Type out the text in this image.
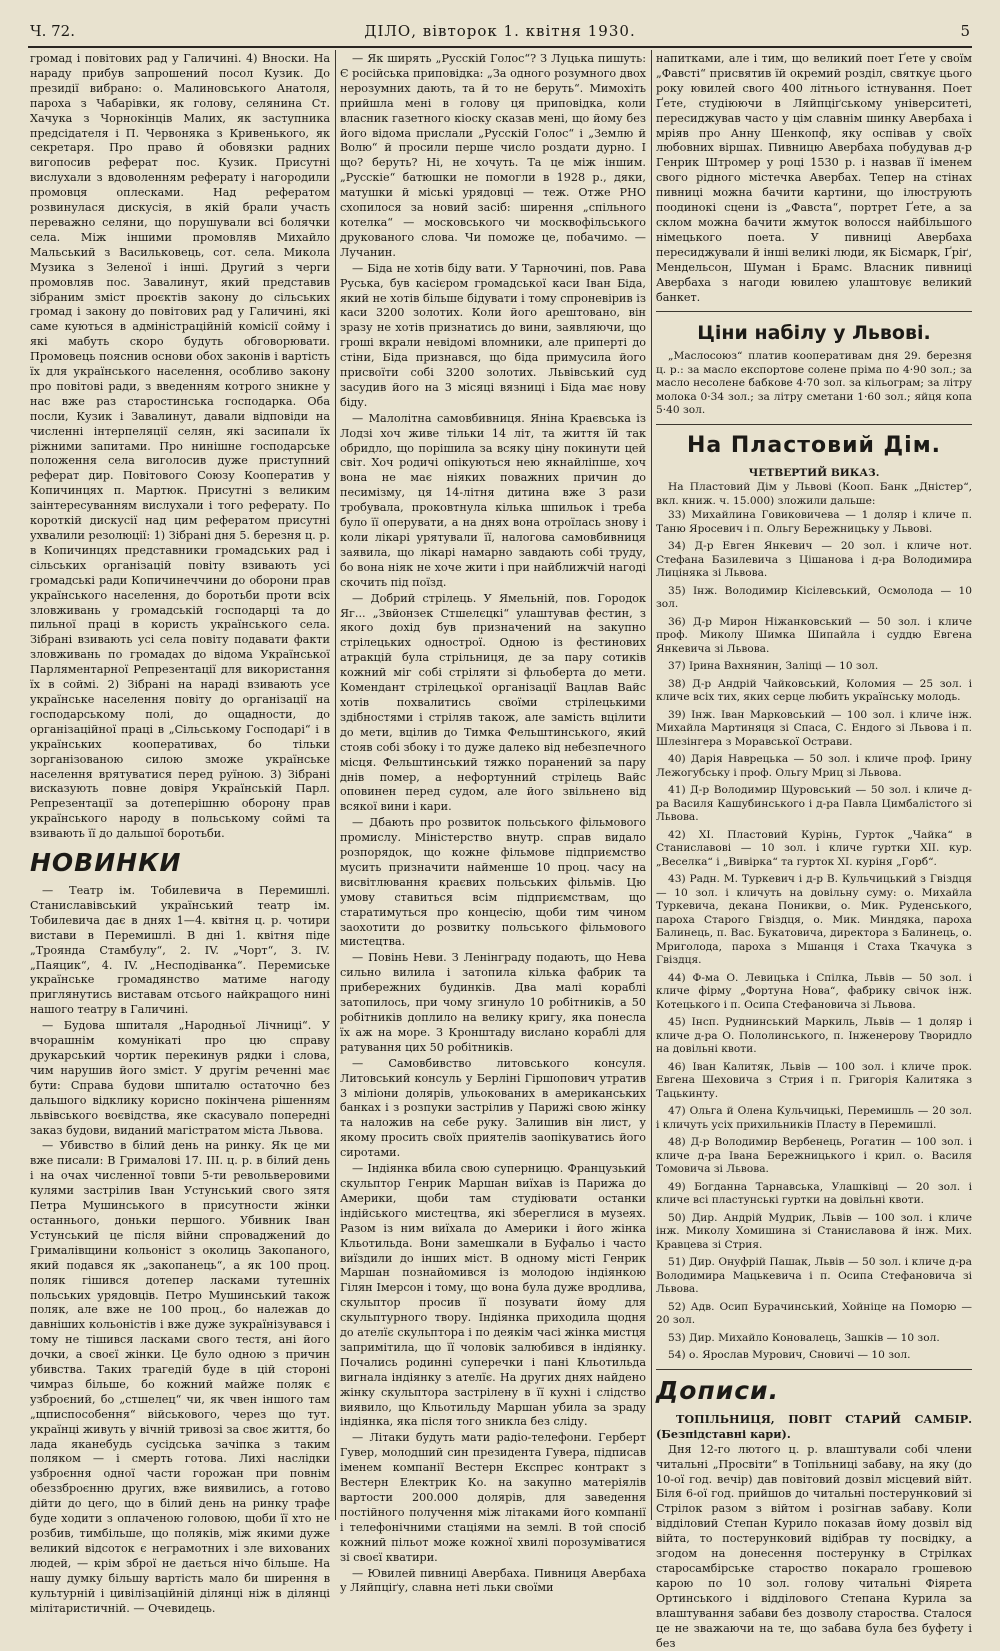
Ч. 72.	ДІЛО, вівторок 1. квітня 1930.	5

громад і повітових рад у Галичині. 4) Вноски. На нараду прибув запрошений посол Кузик. До президії вибрано: о. Малиновського Анатоля, пароха з Чабарівки, як голову, селянина Ст. Хачука з Чорнокінців Малих, як заступника предсідателя і П. Червоняка з Кривенького, як секретаря. Про право й обовязки радних вигопосив реферат пос. Кузик. Присутні вислухали з вдоволенням реферату і нагородили промовця оплесками. Над рефератом розвинулася дискусія, в якій брали участь переважно селяни, що порушували всі болячки села. Між іншими промовляв Михайло Мальський з Васильковець, сот. села. Микола Музика з Зеленої і інші. Другий з черги промовляв пос. Завалинут, який представив зібраним зміст проєктів закону до сільських громад і закону до повітових рад у Галичині, які саме куються в адміністраційній комісії сойму і які мабуть скоро будуть обговорювати. Промовець пояснив основи обох законів і вартість їх для українського населення, особливо закону про повітові ради, з введенням котрого зникне у нас вже раз старостинська господарка. Оба посли, Кузик і Завалинут, давали відповіди на численні інтерпеляції селян, які засипали їх ріжними запитами. Про нинішне господарське положення села виголосив дуже приступний реферат дир. Повітового Союзу Кооператив у Копичинцях п. Мартюк. Присутні з великим заінтересуванням вислухали і того реферату. По короткій дискусії над цим рефератом присутні ухвалили резолюції: 1) Зібрані дня 5. березня ц. р. в Копичинцях представники громадських рад і сільських організацій повіту взивають усі громадські ради Копичинеччини до оборони прав українського населення, до боротьби проти всіх зловживань у громадській господарці та до пильної праці в користь українського села. Зібрані взивають усі села повіту подавати факти зловживань по громадах до відома Української Парляментарної Репрезентації для використання їх в соймі. 2) Зібрані на нараді взивають усе українське населення повіту до організації на господарському полі, до ощадности, до організаційної праці в „Сільському Господарі“ і в українських кооперативах, бо тільки зорганізованою силою зможе українське населення врятуватися перед руїною. 3) Зібрані висказують повне довіря Українській Парл. Репрезентації за дотеперішню оборону прав українського народу в польському соймі та взивають її до дальшої боротьби.

НОВИНКИ

— Театр ім. Тобилевича в Перемишлі. Станиславівський український театр ім. Тобилевича дає в днях 1—4. квітня ц. р. чотири вистави в Перемишлі. В дні 1. квітня піде „Троянда Стамбулу“, 2. IV. „Чорт“, 3. IV. „Паяцик“, 4. IV. „Несподіванка“. Перемиське українське громадянство матиме нагоду приглянутись виставам отсього найкращого нині нашого театру в Галичині.

— Будова шпиталя „Народньої Лічниці“. У вчорашнім комунікаті про цю справу друкарський чортик перекинув рядки і слова, чим нарушив його зміст. У другім реченні має бути: Справа будови шпиталю остаточно без дальшого відклику корисно покінчена рішенням львівського воєвідства, яке скасувало попередні заказ будови, виданий магістратом міста Львова.

— Убивство в білий день на ринку. Як це ми вже писали: В Грималові 17. III. ц. р. в білий день і на очах численної товпи 5-ти револьверовими кулями застрілив Іван Устунський свого зятя Петра Мушинського в присутности жінки останнього, доньки першого. Убивник Іван Устунський це після війни спроваджений до Грималівщини кольоніст з околиць Закопаного, який подався як „закопанець“, а як 100 проц. поляк гішився дотепер ласками тутешніх польських урядовців. Петро Мушинський також поляк, але вже не 100 проц., бо належав до давніших кольоністів і вже дуже зукраїнізувався і тому не тішився ласками свого тестя, ані його дочки, а своєї жінки. Це було одною з причин убивства. Таких трагедій буде в цій стороні чимраз більше, бо кожний майже поляк є узброєний, бо „стшелец“ чи, як чвен іншого там „щписпособення“ військового, через що тут. українці живуть у вічній тривозі за своє життя, бо лада яканебудь сусідська зачіпка з таким поляком — і смерть готова. Лихі наслідки узброєння одної части горожан при повнім обеззброєнню других, вже виявились, а готово дійти до цего, що в білий день на ринку трафе буде ходити з оплаченою головою, щоби її хто не розбив, тимбільше, що поляків, між якими дуже великий відсоток є неграмотних і зле вихованих людей, — крім зброї не дається нічо більше. На нашу думку більшу вартість мало би ширення в культурній і цивілізаційній ділянці ніж в ділянці мілітаристичній. — Очевидець.

— Як ширять „Русскій Голос“? З Луцька пишуть: Є російська приповідка: „За одного розумного двох нерозумних дають, та й то не беруть“. Мимохіть прийшла мені в голову ця приповідка, коли власник газетного кіоску сказав мені, що йому без його відома прислали „Русскій Голос“ і „Землю й Волю“ й просили перше число роздати дурно. І що? беруть? Ні, не хочуть. Та це між іншим. „Русскіе“ батюшки не помогли в 1928 р., дяки, матушки й міські урядовці — теж. Отже РНО схопилося за новий засіб: ширення „спільного котелка“ — московського чи москвофільського друкованого слова. Чи поможе це, побачимо. — Лучанин.

— Біда не хотів біду вати. У Тарночині, пов. Рава Руська, був касієром громадської каси Іван Біда, який не хотів більше бідувати і тому спроневірив із каси 3200 золотих. Коли його арештовано, він зразу не хотів признатись до вини, заявляючи, що гроші вкрали невідомі вломники, але приперті до стіни, Біда признався, що біда примусила його присвоїти собі 3200 золотих. Львівський суд засудив його на 3 місяці вязниці і Біда має нову біду.

— Малолітна самовбивниця. Яніна Краєвська із Лодзі хоч живе тільки 14 літ, та життя їй так обридло, що порішила за всяку ціну покинути цей світ. Хоч родичі опікуються нею якнайліпше, хоч вона не має ніяких поважних причин до песимізму, ця 14-літня дитина вже 3 рази тробувала, проковтнула кілька шпильок і треба було її оперувати, а на днях вона отроїлась знову і коли лікарі урятували її, налогова самовбивниця заявила, що лікарі намарно завдають собі труду, бо вона ніяк не хоче жити і при найближчій нагоді скочить під поїзд.

— Добрий стрілець. У Ямельній, пов. Городок Яг... „Звйонзек Стшелєцкі“ улаштував фестин, з якого дохід був призначений на закупно стрілецьких однострої. Одною із фестинових атракцій була стрільниця, де за пару сотиків кожний міг собі стріляти зі фльоберта до мети. Комендант стрілецької організації Вацлав Вайс хотів похвалитись своїми стрілецькими здібностями і стріляв також, але замість вцілити до мети, вцілив до Тимка Фельштинського, який стояв собі збоку і то дуже далеко від небезпечного місця. Фельштинський тяжко поранений за пару днів помер, а нефортунний стрілець Вайс оповинен перед судом, але його звільнено від всякої вини і кари.

— Дбають про розвиток польського фільмового промислу. Міністерство внутр. справ видало розпорядок, що кожне фільмове підприємство мусить призначити найменше 10 проц. часу на висвітлювання краєвих польських фільмів. Цю умову ставиться всім підприємствам, що старатимуться про концесію, щоби тим чином заохотити до розвитку польського фільмового мистецтва.

— Повінь Неви. З Ленінграду подають, що Нева сильно вилила і затопила кілька фабрик та прибережних будинків. Два малі кораблі затопилось, при чому згинуло 10 робітників, а 50 робітників доплило на велику кригу, яка понесла їх аж на море. З Кронштаду вислано кораблі для ратування цих 50 робітників.

— Самовбивство литовського консуля. Литовський консуль у Берліні Гіршопович утратив 3 міліони долярів, ульокованих в американських банках і з розпуки застрілив у Парижі свою жінку та наложив на себе руку. Залишив він лист, у якому просить своїх приятелів заопікуватись його сиротами.

— Індіянка вбила свою суперницю. Французький скульптор Генрик Маршан виїхав із Парижа до Америки, щоби там студіювати останки індійського мистецтва, які збереглися в музеях. Разом із ним виїхала до Америки і його жінка Кльотильда. Вони замешкали в Буфальо і часто виїздили до інших міст. В одному місті Генрик Маршан познайомився із молодою індіянкою Гілян Імерсон і тому, що вона була дуже вродлива, скульптор просив її позувати йому для скульптурного твору. Індіянка приходила щодня до ателїє скульптора і по деякім часі жінка мистця запримітила, що її чоловік залюбився в індіянку. Почались родинні суперечки і пані Кльотильда вигнала індіянку з ателїє. На других днях найдено жінку скульптора застрілену в її кухні і слідство виявило, що Кльотильду Маршан убила за зраду індіянка, яка після того зникла без сліду.

— Літаки будуть мати радіо-телефони. Герберт Гувер, молодший син президента Гувера, підписав іменем компанії Вестерн Експрес контракт з Вестерн Електрик Ко. на закупно матеріялів вартости 200.000 долярів, для заведення постійного получення між літаками його компанії і телефонічними стаціями на землі. В той спосіб кожний пільот може кожної хвилі порозуміватися зі своєї кватири.

— Ювилей пивниці Авербаха. Пивниця Авербаха у Ляйпціґу, славна неті льки своїми

напитками, але і тим, що великий поет Ґете у своїм „Фавсті“ присвятив їй окремий розділ, святкує цього року ювилей свого 400 літнього істнування. Поет Ґете, студіюючи в Ляйпціґському університеті, пересиджував часто у цім славнім шинку Авербаха і мріяв про Анну Шенкопф, яку оспівав у своїх любовних віршах. Пивницю Авербаха побудував д-р Генрик Штромер у році 1530 р. і назвав її іменем свого рідного містечка Авербах. Тепер на стінах пивниці можна бачити картини, що ілюструють поодинокі сцени із „Фавста“, портрет Ґете, а за склом можна бачити жмуток волосся найбільшого німецького поета. У пивниці Авербаха пересиджували й інші великі люди, як Бісмарк, Ґріґ, Мендельсон, Шуман і Брамс. Власник пивниці Авербаха з нагоди ювилею улаштовує великий банкет.

Ціни набілу у Львові.

„Маслосоюз“ платив кооперативам дня 29. березня ц. р.: за масло експортове солене пріма по 4·90 зол.; за масло несолене бабкове 4·70 зол. за кільограм; за літру молока 0·34 зол.; за літру сметани 1·60 зол.; яйця копа 5·40 зол.

На Пластовий Дім.

ЧЕТВЕРТИЙ ВИКАЗ.

На Пластовий Дім у Львові (Кооп. Банк „Дністер“, вкл. книж. ч. 15.000) зложили дальше:

33) Михайлина Говиковичева — 1 доляр і кличе п. Таню Яросевич і п. Ольгу Бережницьку у Львові.

34) Д-р Евген Янкевич — 20 зол. і кличе нот. Стефана Базилевича з Цішанова і д-ра Володимира Лиціняка зі Львова.

35) Інж. Володимир Кісілевський, Осмолода — 10 зол.

36) Д-р Мирон Ніжанковський — 50 зол. і кличе проф. Миколу Шимка Шипайла і суддю Евгена Янкевича зі Львова.

37) Ірина Вахнянин, Заліщі — 10 зол.

38) Д-р Андрій Чайковський, Коломия — 25 зол. і кличе всіх тих, яких серце любить українську молодь.

39) Інж. Іван Марковський — 100 зол. і кличе інж. Михайла Мартиняця зі Спаса, С. Ендого зі Львова і п. Шлезінгера з Моравської Острави.

40) Дарія Наврецька — 50 зол. і кличе проф. Ірину Лежогубську і проф. Ольгу Мриц зі Львова.

41) Д-р Володимир Щуровський — 50 зол. і кличе д-ра Василя Кашубинського і д-ра Павла Цимбалістого зі Львова.

42) XI. Пластовий Курінь, Гурток „Чайка“ в Станиславові — 10 зол. і кличе гуртки XII. кур. „Веселка“ і „Вивірка“ та гурток XI. куріня „Горб“.

43) Радн. М. Туркевич і д-р В. Кульчицький з Гвіздця — 10 зол. і кличуть на довільну суму: о. Михайла Туркевича, декана Поникви, о. Мик. Руденського, пароха Старого Гвіздця, о. Мик. Миндяка, пароха Балинець, п. Вас. Букатовича, директора з Балинець, о. Мриголода, пароха з Мшанця і Стаха Ткачука з Гвіздця.

44) Ф-ма О. Левицька і Спілка, Львів — 50 зол. і кличе фірму „Фортуна Нова“, фабрику свічок інж. Котецького і п. Осипа Стефановича зі Львова.

45) Інсп. Руднинський Маркиль, Львів — 1 доляр і кличе д-ра О. Пололинського, п. Інженерову Творидло на довільні квоти.

46) Іван Калитяк, Львів — 100 зол. і кличе прок. Евгена Шеховича з Стрия і п. Григорія Калитяка з Тацькинту.

47) Ольга й Олена Кульчицькі, Перемишль — 20 зол. і кличуть усіх прихильників Пласту в Перемишлі.

48) Д-р Володимир Вербенець, Рогатин — 100 зол. і кличе д-ра Івана Бережницького і крил. о. Василя Томовича зі Львова.

49) Богданна Тарнавська, Улашківці — 20 зол. і кличе всі пластунські гуртки на довільні квоти.

50) Дир. Андрій Мудрик, Львів — 100 зол. і кличе інж. Миколу Хомишина зі Станиславова й інж. Мих. Кравцева зі Стрия.

51) Дир. Онуфрій Пашак, Львів — 50 зол. і кличе д-ра Володимира Мацькевича і п. Осипа Стефановича зі Львова.

52) Адв. Осип Бурачинський, Хойніце на Поморю — 20 зол.

53) Дир. Михайло Коновалець, Зашків — 10 зол.

54) о. Ярослав Мурович, Сновичі — 10 зол.

Дописи.

ТОПІЛЬНИЦЯ, ПОВІТ СТАРИЙ САМБІР. (Безпідставні кари).

Дня 12-го лютого ц. р. влаштували собі члени читальні „Просвіти“ в Топільниці забаву, на яку (до 10-ої год. вечір) дав повітовий дозвіл місцевий війт. Біля 6-ої год. прийшов до читальні постерунковий зі Стрілок разом з війтом і розігнав забаву. Коли відділовий Степан Курило показав йому дозвіл від війта, то постерунковий відібрав ту посвідку, а згодом на донесення постерунку в Стрілках старосамбірське староство покарало грошевою карою по 10 зол. голову читальні Фіярета Ортинського і відділового Степана Курила за влаштування забави без дозволу староства. Сталося це не зважаючи на те, що забава була без буфету і без
